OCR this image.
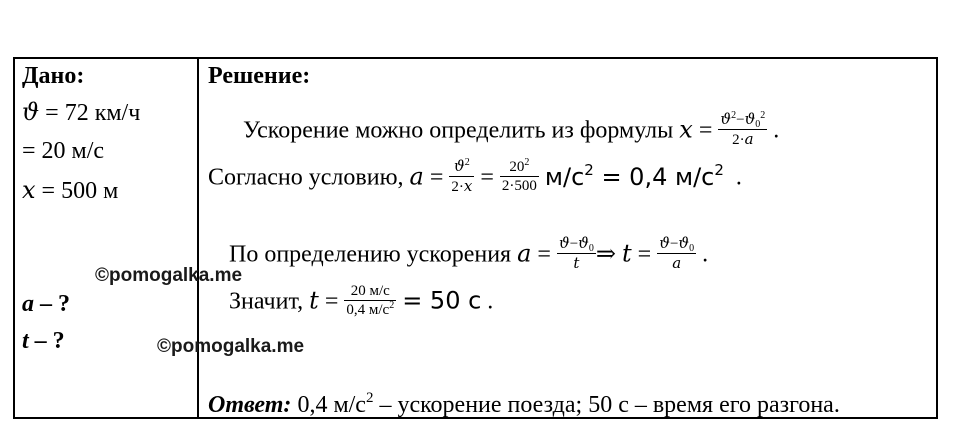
Дано:
ϑ = 72 км/ч
= 20 м/с
x = 500 м
a – ?
t – ?
Решение:
Ускорение можно определить из формулы $x = \frac{ϑ^2-ϑ_0^2}{2\cdot a}$ .
Согласно условию, $a = \frac{ϑ^2}{2\cdot x} = \frac{20^2}{2\cdot 500} м/с^2 = 0,4$ $м/с^2$  .
По определению ускорения $a = \frac{ϑ-ϑ_0}{t}$ ⇒ $t = \frac{ϑ-ϑ_0}{a}$ .
Значит, $t = \frac{20 м/с}{0,4 м/с^2} = 50$ с .
Ответ: 0,4 $м/с^2$ – ускорение поезда; 50 с – время его разгона.
©pomogalka.me
©pomogalka.me
